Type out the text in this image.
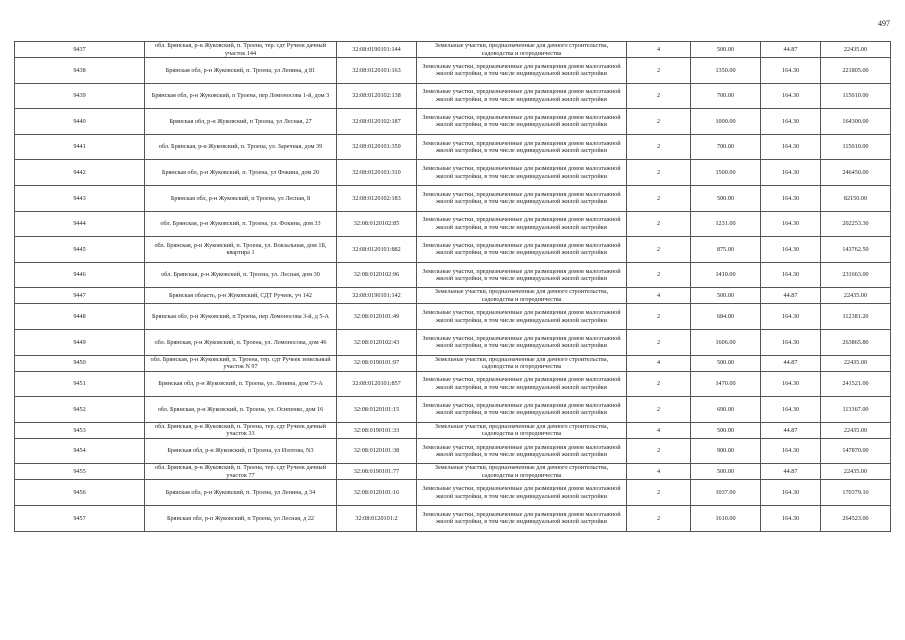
497
9437	обл. Брянская, р-н Жуковский, п. Троена, тер. сдт Ручеек дачный участок 144	32:08:0190101:144	Земельные участки, предназначенные для дачного строительства, садоводства и огородничества	4	500.00	44.87	22435.00
9438	Брянская обл, р-н Жуковский, п. Троена, ул Ленина, д 81	32:08:0120101:163	Земельные участки, предназначенные для размещения домов малоэтажной жилой застройки, в том числе индивидуальной жилой застройки	2	1350.00	164.30	221805.00
9439	Брянская обл, р-н Жуковский, п Троена, пер Ломоносова 1-й, дом 3	32:08:0120102:138	Земельные участки, предназначенные для размещения домов малоэтажной жилой застройки, в том числе индивидуальной жилой застройки	2	700.00	164.30	115010.00
9440	Брянская обл, р-н Жуковский, п Троена, ул Лесная, 27	32:08:0120102:187	Земельные участки, предназначенные для размещения домов малоэтажной жилой застройки, в том числе индивидуальной жилой застройки	2	1000.00	164.30	164300.00
9441	обл. Брянская, р-н Жуковский, п. Троена, ул. Заречная, дом 39	32:08:0120101:359	Земельные участки, предназначенные для размещения домов малоэтажной жилой застройки, в том числе индивидуальной жилой застройки	2	700.00	164.30	115010.00
9442	Брянская обл, р-н Жуковский, п. Троена, ул Фокина, дом 20	32:08:0120101:310	Земельные участки, предназначенные для размещения домов малоэтажной жилой застройки, в том числе индивидуальной жилой застройки	2	1500.00	164.30	246450.00
9443	Брянская обл, р-н Жуковский, п Троена, ул Лесная, 8	32:08:0120102:183	Земельные участки, предназначенные для размещения домов малоэтажной жилой застройки, в том числе индивидуальной жилой застройки	2	500.00	164.30	82150.00
9444	обл. Брянская, р-н Жуковский, п. Троена, ул. Фокина, дом 33	32:08:0120102:85	Земельные участки, предназначенные для размещения домов малоэтажной жилой застройки, в том числе индивидуальной жилой застройки	2	1231.00	164.30	202253.30
9445	обл. Брянская, р-н Жуковский, п. Троена, ул. Вокзальная, дом 1Б, квартира 1	32:08:0120101:882	Земельные участки, предназначенные для размещения домов малоэтажной жилой застройки, в том числе индивидуальной жилой застройки	2	875.00	164.30	143762.50
9446	обл. Брянская, р-н Жуковский, п. Троена, ул. Лесная, дом 30	32:08:0120102:96	Земельные участки, предназначенные для размещения домов малоэтажной жилой застройки, в том числе индивидуальной жилой застройки	2	1410.00	164.30	231663.00
9447	Брянская область, р-н Жуковский, СДТ Ручеек, уч 142	32:08:0190101:142	Земельные участки, предназначенные для дачного строительства, садоводства и огородничества	4	500.00	44.87	22435.00
9448	Брянская обл, р-н Жуковский, п Троена, пер Ломоносова 3-й, д 5-А	32:08:0120101:49	Земельные участки, предназначенные для размещения домов малоэтажной жилой застройки, в том числе индивидуальной жилой застройки	2	684.00	164.30	112381.20
9449	обл. Брянская, р-н Жуковский, п. Троена, ул. Ломоносова, дом 46	32:08:0120102:43	Земельные участки, предназначенные для размещения домов малоэтажной жилой застройки, в том числе индивидуальной жилой застройки	2	1606.00	164.30	263865.80
9450	обл. Брянская, р-н Жуковский, п. Троена, тер. сдт Ручеек земельный участок N 97	32:08:0190101:97	Земельные участки, предназначенные для дачного строительства, садоводства и огородничества	4	500.00	44.87	22435.00
9451	Брянская обл, р-н Жуковский, п. Троена, ул. Ленина, дом 73-А	32:08:0120101:857	Земельные участки, предназначенные для размещения домов малоэтажной жилой застройки, в том числе индивидуальной жилой застройки	2	1470.00	164.30	241521.00
9452	обл. Брянская, р-н Жуковский, п. Троена, ул. Осипенко, дом 16	32:08:0120101:15	Земельные участки, предназначенные для размещения домов малоэтажной жилой застройки, в том числе индивидуальной жилой застройки	2	690.00	164.30	113367.00
9453	обл. Брянская, р-н Жуковский, п. Троена, тер. сдт Ручеек дачный участок 33	32:08:0190101:33	Земельные участки, предназначенные для дачного строительства, садоводства и огородничества	4	500.00	44.87	22435.00
9454	Брянская обл, р-н Жуковский, п Троена, ул Изотова, N3	32:08:0120101:38	Земельные участки, предназначенные для размещения домов малоэтажной жилой застройки, в том числе индивидуальной жилой застройки	2	900.00	164.30	147870.00
9455	обл. Брянская, р-н Жуковский, п. Троена, тер. сдт Ручеек дачный участок 77	32:08:0190101:77	Земельные участки, предназначенные для дачного строительства, садоводства и огородничества	4	500.00	44.87	22435.00
9456	Брянская обл, р-н Жуковский, п. Троена, ул Ленина, д 34	32:08:0120101:16	Земельные участки, предназначенные для размещения домов малоэтажной жилой застройки, в том числе индивидуальной жилой застройки	2	1037.00	164.30	170379.10
9457	Брянская обл, р-н Жуковский, п Троена, ул Лесная, д 22	32:08:0120101:2	Земельные участки, предназначенные для размещения домов малоэтажной жилой застройки, в том числе индивидуальной жилой застройки	2	1610.00	164.30	264523.00
